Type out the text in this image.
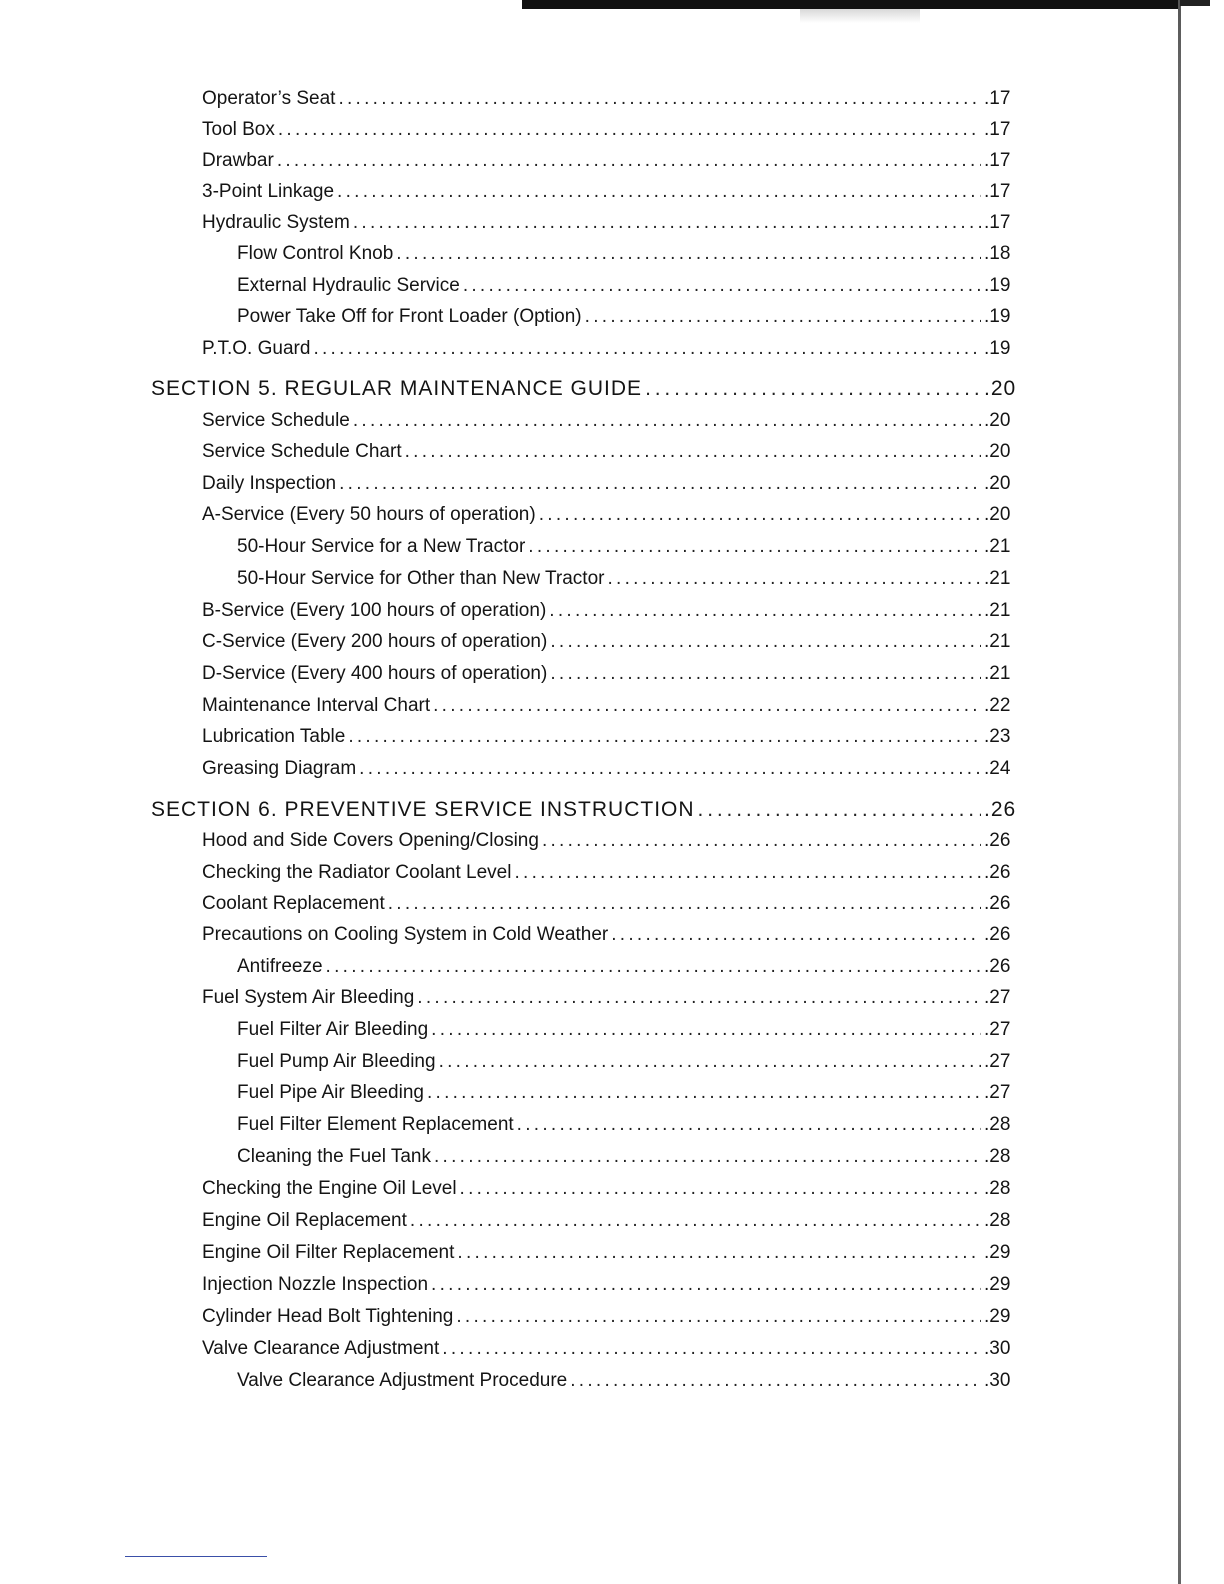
Operator’s Seat . . .	.17
Tool Box . . .	.17
Drawbar . . .	.17
3-Point Linkage . . .	.17
Hydraulic System . . .	.17
Flow Control Knob . . .	.18
External Hydraulic Service . . .	.19
Power Take Off for Front Loader (Option) . . .	.19
P.T.O. Guard . . .	.19
SECTION 5. REGULAR MAINTENANCE GUIDE . . .	.20
Service Schedule . . .	.20
Service Schedule Chart . . .	.20
Daily Inspection . . .	.20
A-Service (Every 50 hours of operation) . . .	.20
50-Hour Service for a New Tractor . . .	.21
50-Hour Service for Other than New Tractor . . .	.21
B-Service (Every 100 hours of operation) . . .	.21
C-Service (Every 200 hours of operation) . . .	.21
D-Service (Every 400 hours of operation) . . .	.21
Maintenance Interval Chart . . .	.22
Lubrication Table . . .	.23
Greasing Diagram . . .	.24
SECTION 6. PREVENTIVE SERVICE INSTRUCTION . . .	.26
Hood and Side Covers Opening/Closing . . .	.26
Checking the Radiator Coolant Level . . .	.26
Coolant Replacement . . .	.26
Precautions on Cooling System in Cold Weather . . .	.26
Antifreeze . . .	.26
Fuel System Air Bleeding . . .	.27
Fuel Filter Air Bleeding . . .	.27
Fuel Pump Air Bleeding . . .	.27
Fuel Pipe Air Bleeding . . .	.27
Fuel Filter Element Replacement . . .	.28
Cleaning the Fuel Tank . . .	.28
Checking the Engine Oil Level . . .	.28
Engine Oil Replacement . . .	.28
Engine Oil Filter Replacement . . .	.29
Injection Nozzle Inspection . . .	.29
Cylinder Head Bolt Tightening . . .	.29
Valve Clearance Adjustment . . .	.30
Valve Clearance Adjustment Procedure . . .	.30
